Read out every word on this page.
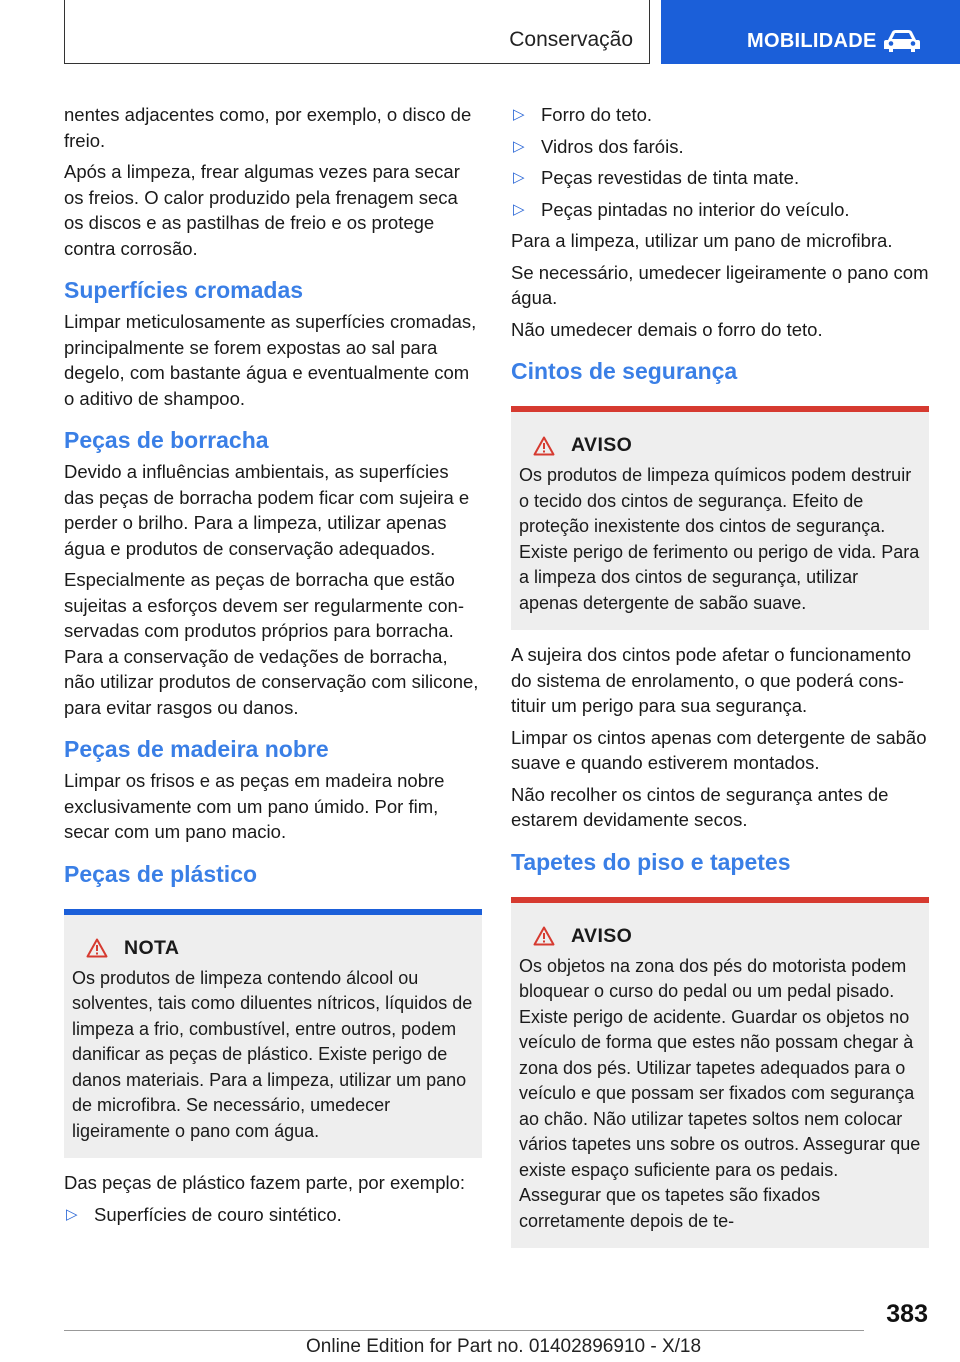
Conservação	MOBILIDADE

nentes adjacentes como, por exemplo, o disco de freio.

Após a limpeza, frear algumas vezes para secar os freios. O calor produzido pela frenagem seca os discos e as pastilhas de freio e os protege contra corrosão.

Superfícies cromadas

Limpar meticulosamente as superfícies cromadas, principalmente se forem expostas ao sal para degelo, com bastante água e eventualmente com o aditivo de shampoo.

Peças de borracha

Devido a influências ambientais, as superfícies das peças de borracha podem ficar com sujeira e perder o brilho. Para a limpeza, utilizar apenas água e produtos de conservação adequados.

Especialmente as peças de borracha que estão sujeitas a esforços devem ser regularmente conservadas com produtos próprios para borracha. Para a conservação de vedações de borracha, não utilizar produtos de conservação com silicone, para evitar rasgos ou danos.

Peças de madeira nobre

Limpar os frisos e as peças em madeira nobre exclusivamente com um pano úmido. Por fim, secar com um pano macio.

Peças de plástico
NOTA

Os produtos de limpeza contendo álcool ou solventes, tais como diluentes nítricos, líquidos de limpeza a frio, combustível, entre outros, podem danificar as peças de plástico. Existe perigo de danos materiais. Para a limpeza, utilizar um pano de microfibra. Se necessário, umedecer ligeiramente o pano com água.

Das peças de plástico fazem parte, por exemplo:

▷ Superfícies de couro sintético.
▷ Forro do teto.
▷ Vidros dos faróis.
▷ Peças revestidas de tinta mate.
▷ Peças pintadas no interior do veículo.

Para a limpeza, utilizar um pano de microfibra.

Se necessário, umedecer ligeiramente o pano com água.

Não umedecer demais o forro do teto.

Cintos de segurança
AVISO

Os produtos de limpeza químicos podem destruir o tecido dos cintos de segurança. Efeito de proteção inexistente dos cintos de segurança. Existe perigo de ferimento ou perigo de vida. Para a limpeza dos cintos de segurança, utilizar apenas detergente de sabão suave.

A sujeira dos cintos pode afetar o funcionamento do sistema de enrolamento, o que poderá constituir um perigo para sua segurança.

Limpar os cintos apenas com detergente de sabão suave e quando estiverem montados.

Não recolher os cintos de segurança antes de estarem devidamente secos.

Tapetes do piso e tapetes
AVISO

Os objetos na zona dos pés do motorista podem bloquear o curso do pedal ou um pedal pisado. Existe perigo de acidente. Guardar os objetos no veículo de forma que estes não possam chegar à zona dos pés. Utilizar tapetes adequados para o veículo e que possam ser fixados com segurança ao chão. Não utilizar tapetes soltos nem colocar vários tapetes uns sobre os outros. Assegurar que existe espaço suficiente para os pedais. Assegurar que os tapetes são fixados corretamente depois de te-

383
Online Edition for Part no. 01402896910 - X/18
